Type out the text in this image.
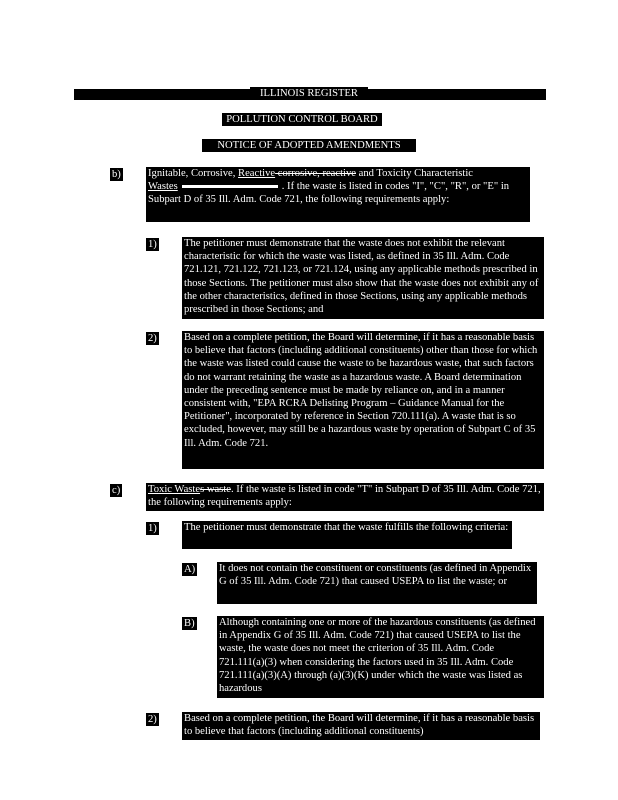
ILLINOIS REGISTER
POLLUTION CONTROL BOARD
NOTICE OF ADOPTED AMENDMENTS
b)	Ignitable, Corrosive, Reactive corrosive, reactive and Toxicity Characteristic
Wastes	. If the waste is listed in codes "I", "C", "R", or "E" in Subpart D of 35 Ill. Adm. Code 721, the following requirements apply:
1)	The petitioner must demonstrate that the waste does not exhibit the relevant characteristic for which the waste was listed, as defined in 35 Ill. Adm. Code 721.121, 721.122, 721.123, or 721.124, using any applicable methods prescribed in those Sections. The petitioner must also show that the waste does not exhibit any of the other characteristics, defined in those Sections, using any applicable methods prescribed in those Sections; and
2)	Based on a complete petition, the Board will determine, if it has a reasonable basis to believe that factors (including additional constituents) other than those for which the waste was listed could cause the waste to be hazardous waste, that such factors do not warrant retaining the waste as a hazardous waste. A Board determination under the preceding sentence must be made by reliance on, and in a manner consistent with, "EPA RCRA Delisting Program – Guidance Manual for the Petitioner", incorporated by reference in Section 720.111(a). A waste that is so excluded, however, may still be a hazardous waste by operation of Subpart C of 35 Ill. Adm. Code 721.
c)	Toxic Wastes waste. If the waste is listed in code "T" in Subpart D of 35 Ill. Adm. Code 721, the following requirements apply:
1)	The petitioner must demonstrate that the waste fulfills the following criteria:
A) It does not contain the constituent or constituents (as defined in Appendix G of 35 Ill. Adm. Code 721) that caused USEPA to list the waste; or
B) Although containing one or more of the hazardous constituents (as defined in Appendix G of 35 Ill. Adm. Code 721) that caused USEPA to list the waste, the waste does not meet the criterion of 35 Ill. Adm. Code 721.111(a)(3) when considering the factors used in 35 Ill. Adm. Code 721.111(a)(3)(A) through (a)(3)(K) under which the waste was listed as hazardous
2)	Based on a complete petition, the Board will determine, if it has a reasonable basis to believe that factors (including additional constituents)
